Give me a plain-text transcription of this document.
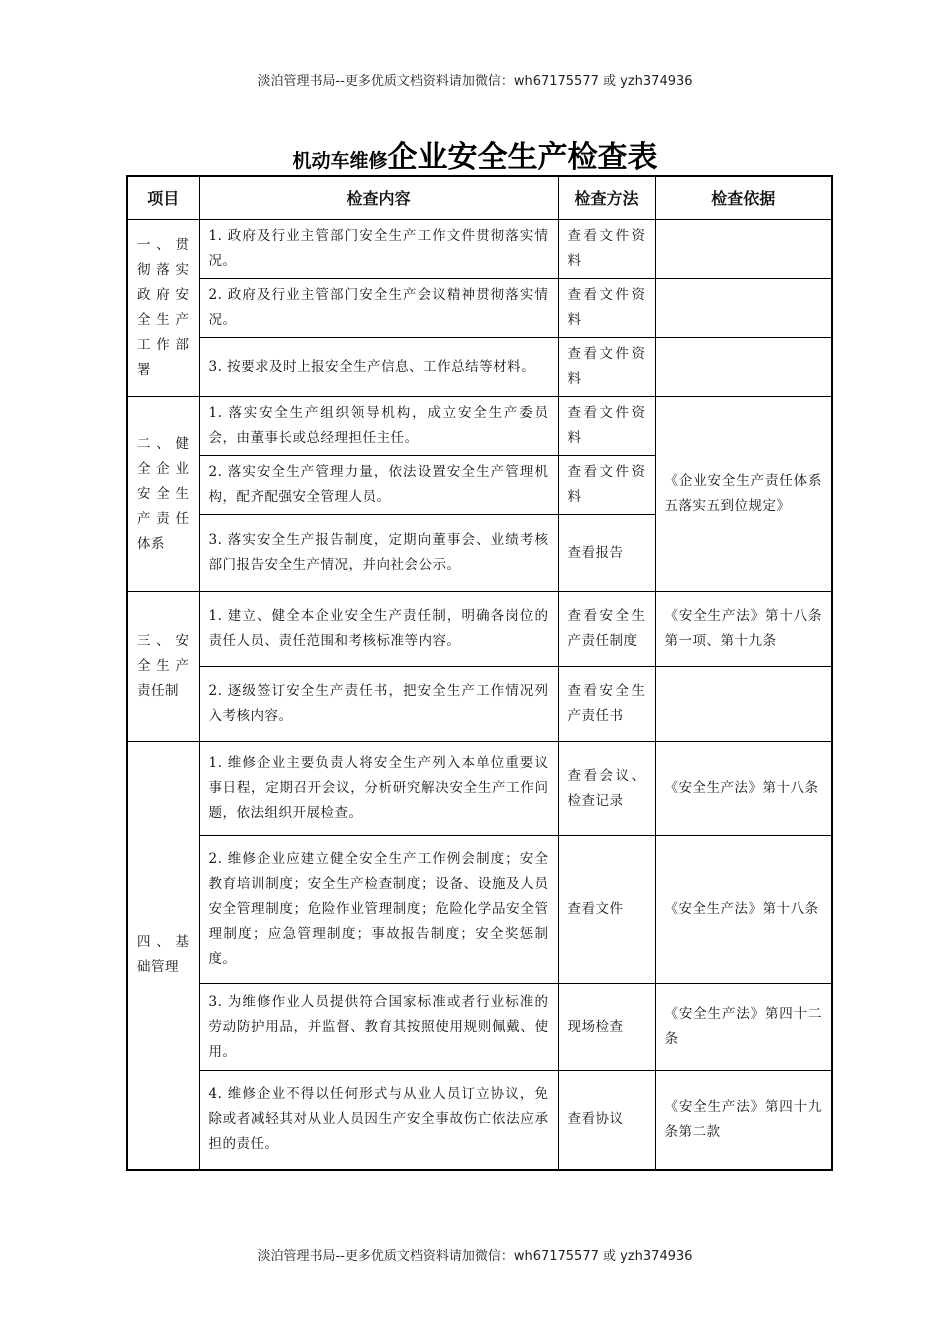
淡泊管理书局--更多优质文档资料请加微信：wh67175577 或 yzh374936
机动车维修企业安全生产检查表
项目	检查内容	检查方法	检查依据
一、贯彻落实政府安全生产工作部署	1. 政府及行业主管部门安全生产工作文件贯彻落实情况。	查看文件资料	
	2. 政府及行业主管部门安全生产会议精神贯彻落实情况。	查看文件资料	
	3. 按要求及时上报安全生产信息、工作总结等材料。	查看文件资料	
二、健全企业安全生产责任体系	1. 落实安全生产组织领导机构，成立安全生产委员会，由董事长或总经理担任主任。	查看文件资料	《企业安全生产责任体系五落实五到位规定》
	2. 落实安全生产管理力量，依法设置安全生产管理机构，配齐配强安全管理人员。	查看文件资料	
	3. 落实安全生产报告制度，定期向董事会、业绩考核部门报告安全生产情况，并向社会公示。	查看报告	
三、安全生产责任制	1. 建立、健全本企业安全生产责任制，明确各岗位的责任人员、责任范围和考核标准等内容。	查看安全生产责任制度	《安全生产法》第十八条第一项、第十九条
	2. 逐级签订安全生产责任书，把安全生产工作情况列入考核内容。	查看安全生产责任书	
四、基础管理	1. 维修企业主要负责人将安全生产列入本单位重要议事日程，定期召开会议，分析研究解决安全生产工作问题，依法组织开展检查。	查看会议、检查记录	《安全生产法》第十八条
	2. 维修企业应建立健全安全生产工作例会制度；安全教育培训制度；安全生产检查制度；设备、设施及人员安全管理制度；危险作业管理制度；危险化学品安全管理制度；应急管理制度；事故报告制度；安全奖惩制度。	查看文件	《安全生产法》第十八条
	3. 为维修作业人员提供符合国家标准或者行业标准的劳动防护用品，并监督、教育其按照使用规则佩戴、使用。	现场检查	《安全生产法》第四十二条
	4. 维修企业不得以任何形式与从业人员订立协议，免除或者减轻其对从业人员因生产安全事故伤亡依法应承担的责任。	查看协议	《安全生产法》第四十九条第二款
淡泊管理书局--更多优质文档资料请加微信：wh67175577 或 yzh374936
